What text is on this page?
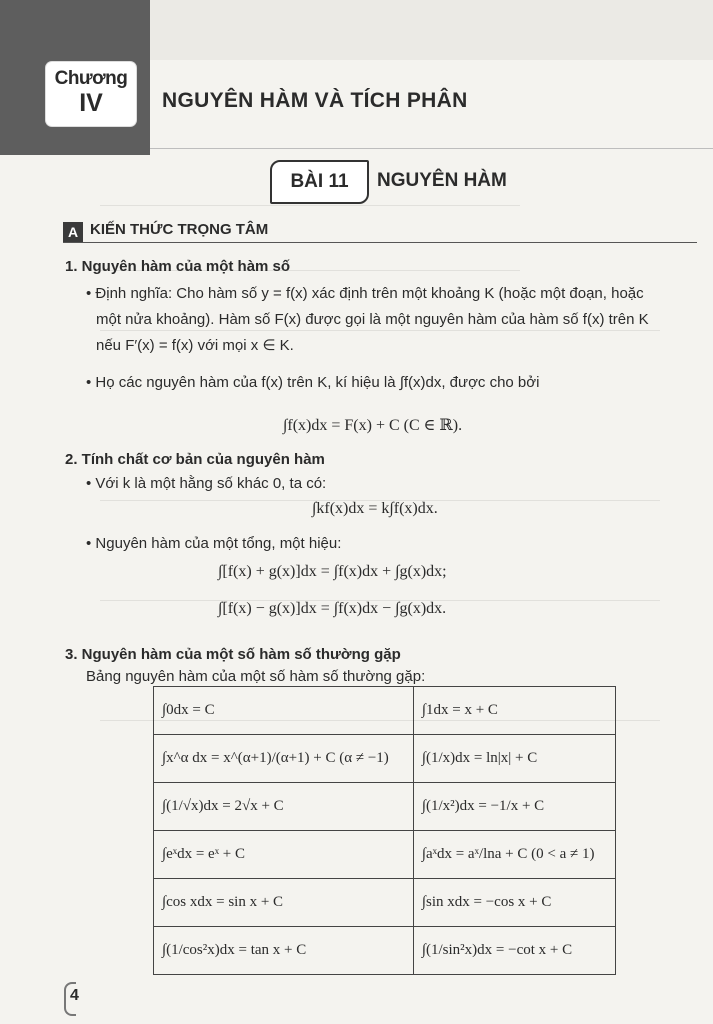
Chương
IV	NGUYÊN HÀM VÀ TÍCH PHÂN
BÀI 11	NGUYÊN HÀM
A KIẾN THỨC TRỌNG TÂM
1. Nguyên hàm của một hàm số
• Định nghĩa: Cho hàm số y = f(x) xác định trên một khoảng K (hoặc một đoạn, hoặc
một nửa khoảng). Hàm số F(x) được gọi là một nguyên hàm của hàm số f(x) trên K
nếu F′(x) = f(x) với mọi x ∈ K.
• Họ các nguyên hàm của f(x) trên K, kí hiệu là ∫f(x)dx, được cho bởi
∫f(x)dx = F(x) + C (C ∈ ℝ).
2. Tính chất cơ bản của nguyên hàm
• Với k là một hằng số khác 0, ta có:
∫kf(x)dx = k∫f(x)dx.
• Nguyên hàm của một tổng, một hiệu:
∫[f(x) + g(x)]dx = ∫f(x)dx + ∫g(x)dx;
∫[f(x) − g(x)]dx = ∫f(x)dx − ∫g(x)dx.
3. Nguyên hàm của một số hàm số thường gặp
Bảng nguyên hàm của một số hàm số thường gặp:
∫0dx = C	∫1dx = x + C
∫x^α dx = x^(α+1)/(α+1) + C (α ≠ −1)	∫(1/x)dx = ln|x| + C
∫(1/√x)dx = 2√x + C	∫(1/x²)dx = −1/x + C
∫eˣdx = eˣ + C	∫aˣdx = aˣ/lna + C (0 < a ≠ 1)
∫cos xdx = sin x + C	∫sin xdx = −cos x + C
∫(1/cos²x)dx = tan x + C	∫(1/sin²x)dx = −cot x + C
4
